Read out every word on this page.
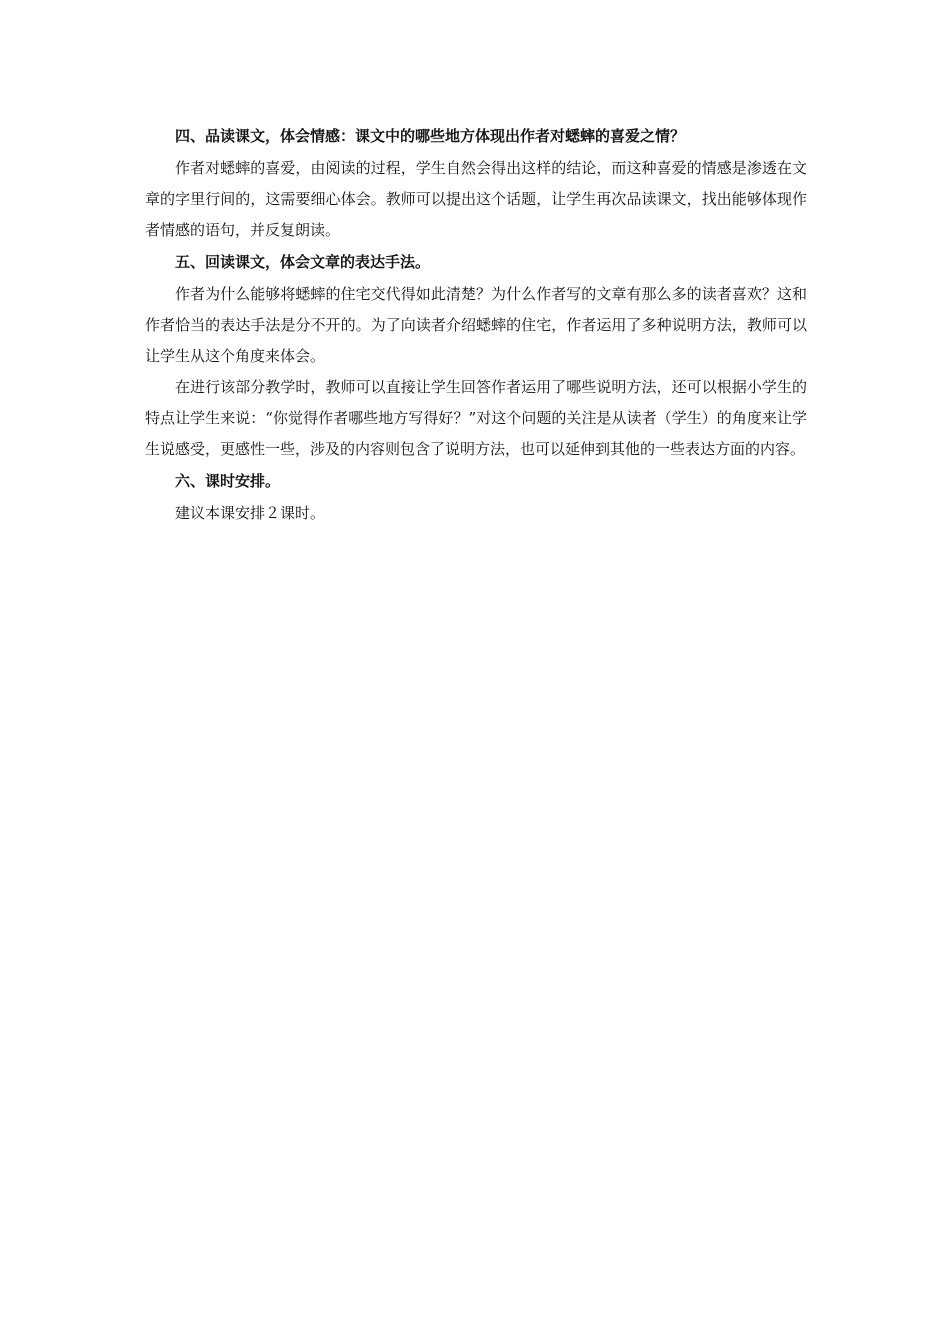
四、品读课文，体会情感：课文中的哪些地方体现出作者对蟋蟀的喜爱之情？

作者对蟋蟀的喜爱，由阅读的过程，学生自然会得出这样的结论，而这种喜爱的情感是渗透在文章的字里行间的，这需要细心体会。教师可以提出这个话题，让学生再次品读课文，找出能够体现作者情感的语句，并反复朗读。

五、回读课文，体会文章的表达手法。

作者为什么能够将蟋蟀的住宅交代得如此清楚？为什么作者写的文章有那么多的读者喜欢？这和作者恰当的表达手法是分不开的。为了向读者介绍蟋蟀的住宅，作者运用了多种说明方法，教师可以让学生从这个角度来体会。

在进行该部分教学时，教师可以直接让学生回答作者运用了哪些说明方法，还可以根据小学生的特点让学生来说：“你觉得作者哪些地方写得好？”对这个问题的关注是从读者（学生）的角度来让学生说感受，更感性一些，涉及的内容则包含了说明方法，也可以延伸到其他的一些表达方面的内容。

六、课时安排。

建议本课安排２课时。
